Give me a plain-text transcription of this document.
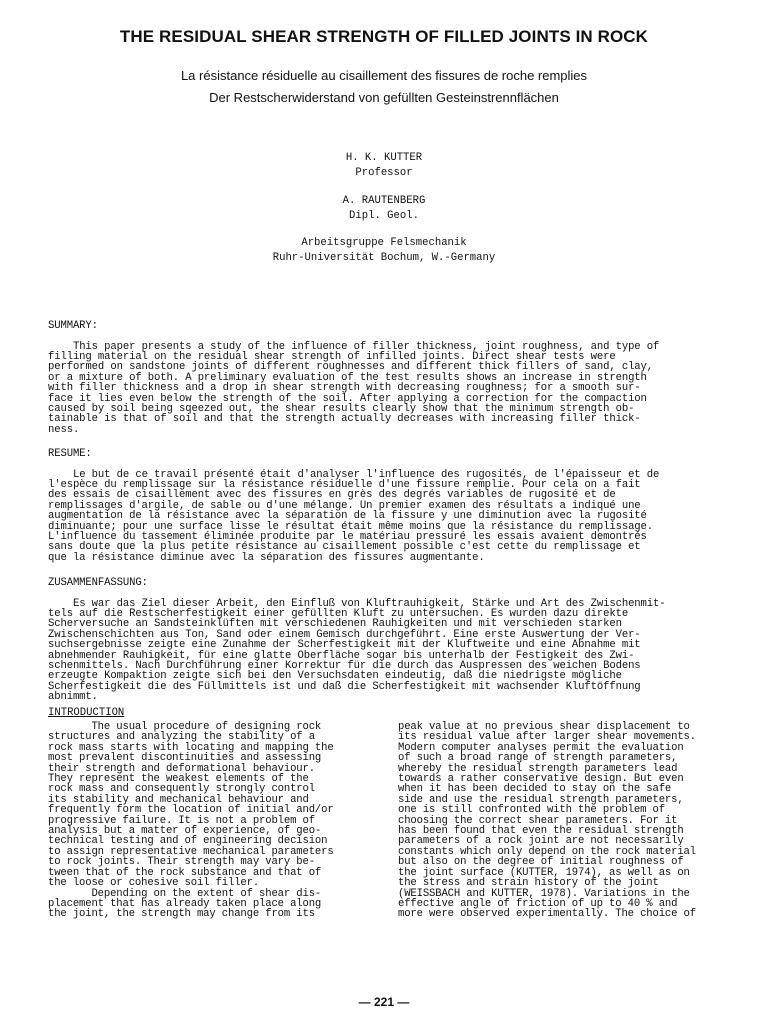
THE RESIDUAL SHEAR STRENGTH OF FILLED JOINTS IN ROCK
La résistance résiduelle au cisaillement des fissures de roche remplies
Der Restscherwiderstand von gefüllten Gesteinstrennflächen
H. K. KUTTER
Professor
A. RAUTENBERG
Dipl. Geol.
Arbeitsgruppe Felsmechanik
Ruhr-Universität Bochum, W.-Germany

SUMMARY:

This paper presents a study of the influence of filler thickness, joint roughness, and type of
filling material on the residual shear strength of infilled joints. Direct shear tests were
performed on sandstone joints of different roughnesses and different thick fillers of sand, clay,
or a mixture of both. A preliminary evaluation of the test results shows an increase in strength
with filler thickness and a drop in shear strength with decreasing roughness; for a smooth sur-
face it lies even below the strength of the soil. After applying a correction for the compaction
caused by soil being sqeezed out, the shear results clearly show that the minimum strength ob-
tainable is that of soil and that the strength actually decreases with increasing filler thick-
ness.

RESUME:

Le but de ce travail présenté était d'analyser l'influence des rugosités, de l'épaisseur et de
l'espèce du remplissage sur la résistance résiduelle d'une fissure remplie. Pour cela on a fait
des essais de cisaillement avec des fissures en grès des degrés variables de rugosité et de
remplissages d'argile, de sable ou d'une mélange. Un premier examen des résultats a indiqué une
augmentation de la résistance avec la séparation de la fissure y une diminution avec la rugosité
diminuante; pour une surface lisse le résultat était même moins que la résistance du remplissage.
L'influence du tassement éliminée produite par le matériau pressuré les essais avaient demontrés
sans doute que la plus petite résistance au cisaillement possible c'est cette du remplissage et
que la résistance diminue avec la séparation des fissures augmentante.

ZUSAMMENFASSUNG:

Es war das Ziel dieser Arbeit, den Einfluß von Kluftrauhigkeit, Stärke und Art des Zwischenmit-
tels auf die Restscherfestigkeit einer gefüllten Kluft zu untersuchen. Es wurden dazu direkte
Scherversuche an Sandsteinklüften mit verschiedenen Rauhigkeiten und mit verschieden starken
Zwischenschichten aus Ton, Sand oder einem Gemisch durchgeführt. Eine erste Auswertung der Ver-
suchsergebnisse zeigte eine Zunahme der Scherfestigkeit mit der Kluftweite und eine Abnahme mit
abnehmender Rauhigkeit, für eine glatte Oberfläche sogar bis unterhalb der Festigkeit des Zwi-
schenmittels. Nach Durchführung einer Korrektur für die durch das Auspressen des weichen Bodens
erzeugte Kompaktion zeigte sich bei den Versuchsdaten eindeutig, daß die niedrigste mögliche
Scherfestigkeit die des Füllmittels ist und daß die Scherfestigkeit mit wachsender Kluftöffnung
abnimmt.

INTRODUCTION
The usual procedure of designing rock
structures and analyzing the stability of a
rock mass starts with locating and mapping the
most prevalent discontinuities and assessing
their strength and deformational behaviour.
They represent the weakest elements of the
rock mass and consequently strongly control
its stability and mechanical behaviour and
frequently form the location of initial and/or
progressive failure. It is not a problem of
analysis but a matter of experience, of geo-
technical testing and of engineering decision
to assign representative mechanical parameters
to rock joints. Their strength may vary be-
tween that of the rock substance and that of
the loose or cohesive soil filler.
Depending on the extent of shear dis-
placement that has already taken place along
the joint, the strength may change from its
peak value at no previous shear displacement to
its residual value after larger shear movements.
Modern computer analyses permit the evaluation
of such a broad range of strength parameters,
whereby the residual strength parameters lead
towards a rather conservative design. But even
when it has been decided to stay on the safe
side and use the residual strength parameters,
one is still confronted with the problem of
choosing the correct shear parameters. For it
has been found that even the residual strength
parameters of a rock joint are not necessarily
constants which only depend on the rock material
but also on the degree of initial roughness of
the joint surface (KUTTER, 1974), as well as on
the stress and strain history of the joint
(WEISSBACH and KUTTER, 1978). Variations in the
effective angle of friction of up to 40 % and
more were observed experimentally. The choice of
— 221 —
